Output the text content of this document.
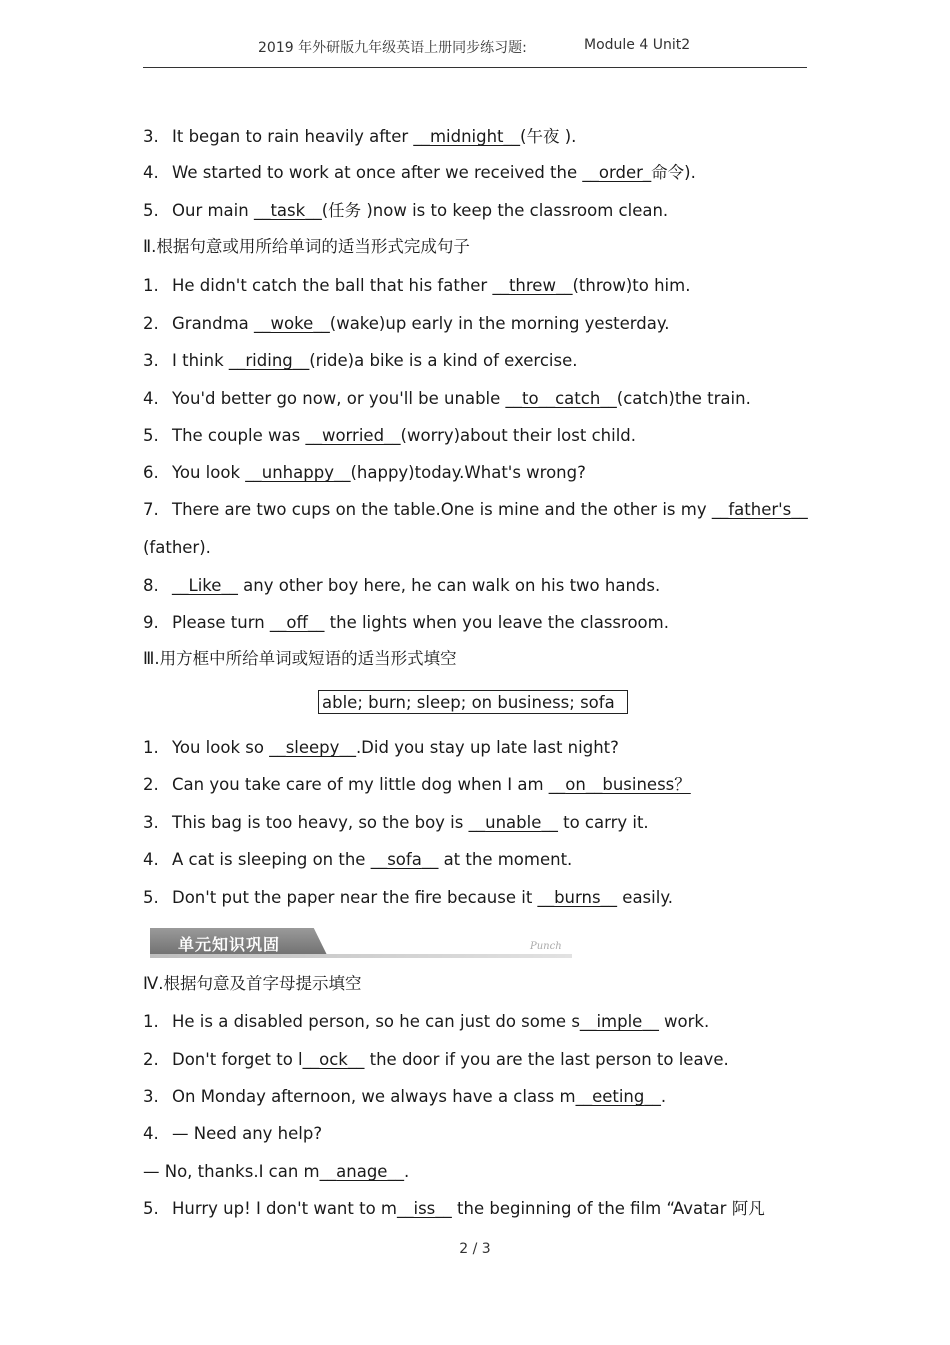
2019 年外研版九年级英语上册同步练习题:	Module 4 Unit2
3. It began to rain heavily after __midnight__(午夜 ).
4. We started to work at once after we received the __order_命令).
5. Our main __task__(任务 )now is to keep the classroom clean.
Ⅱ.根据句意或用所给单词的适当形式完成句子
1. He didn't catch the ball that his father __threw__(throw)to him.
2. Grandma __woke__(wake)up early in the morning yesterday.
3. I think __riding__(ride)a bike is a kind of exercise.
4. You'd better go now, or you'll be unable __to__catch__(catch)the train.
5. The couple was __worried__(worry)about their lost child.
6. You look __unhappy__(happy)today.What's wrong?
7. There are two cups on the table.One is mine and the other is my __father's__
(father).
8. __Like__ any other boy here, he can walk on his two hands.
9. Please turn __off__ the lights when you leave the classroom.
Ⅲ.用方框中所给单词或短语的适当形式填空
able; burn; sleep; on business; sofa
1. You look so __sleepy__.Did you stay up late last night?
2. Can you take care of my little dog when I am __on__business？
3. This bag is too heavy, so the boy is __unable__ to carry it.
4. A cat is sleeping on the __sofa__ at the moment.
5. Don't put the paper near the fire because it __burns__ easily.
单元知识巩固	Punch
Ⅳ.根据句意及首字母提示填空
1. He is a disabled person, so he can just do some s__imple__ work.
2. Don't forget to l__ock__ the door if you are the last person to leave.
3. On Monday afternoon, we always have a class m__eeting__.
4. — Need any help?
— No, thanks.I can m__anage__.
5. Hurry up! I don't want to m__iss__ the beginning of the film “Avatar 阿凡
2 / 3
